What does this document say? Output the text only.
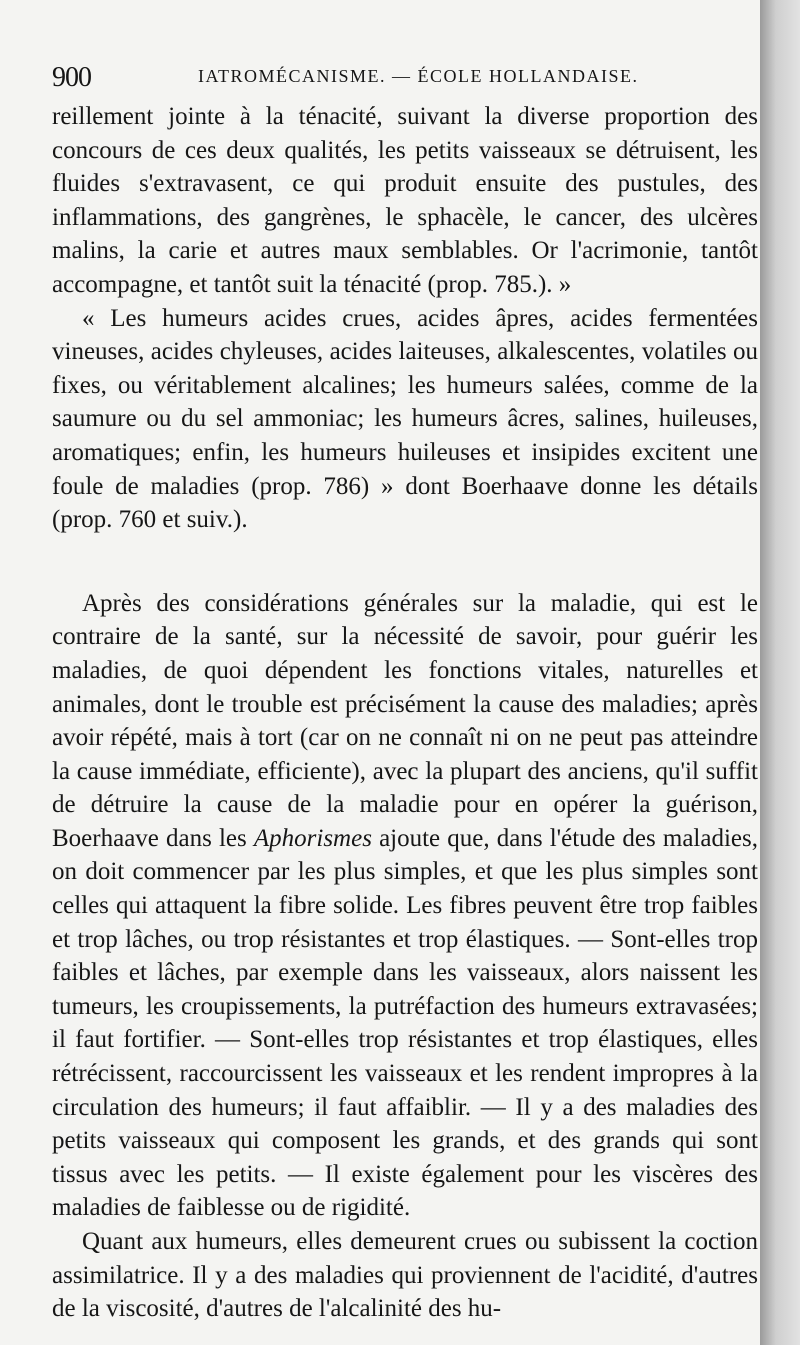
900	IATROMÉCANISME. — ÉCOLE HOLLANDAISE.

reillement jointe à la ténacité, suivant la diverse proportion des concours de ces deux qualités, les petits vaisseaux se détruisent, les fluides s'extravasent, ce qui produit ensuite des pustules, des inflammations, des gangrènes, le sphacèle, le cancer, des ulcères malins, la carie et autres maux semblables. Or l'acrimonie, tantôt accompagne, et tantôt suit la ténacité (prop. 785.). »

« Les humeurs acides crues, acides âpres, acides fermentées vineuses, acides chyleuses, acides laiteuses, alkalescentes, volatiles ou fixes, ou véritablement alcalines; les humeurs salées, comme de la saumure ou du sel ammoniac; les humeurs âcres, salines, huileuses, aromatiques; enfin, les humeurs huileuses et insipides excitent une foule de maladies (prop. 786) » dont Boerhaave donne les détails (prop. 760 et suiv.).

Après des considérations générales sur la maladie, qui est le contraire de la santé, sur la nécessité de savoir, pour guérir les maladies, de quoi dépendent les fonctions vitales, naturelles et animales, dont le trouble est précisément la cause des maladies; après avoir répété, mais à tort (car on ne connaît ni on ne peut pas atteindre la cause immédiate, efficiente), avec la plupart des anciens, qu'il suffit de détruire la cause de la maladie pour en opérer la guérison, Boerhaave dans les Aphorismes ajoute que, dans l'étude des maladies, on doit commencer par les plus simples, et que les plus simples sont celles qui attaquent la fibre solide. Les fibres peuvent être trop faibles et trop lâches, ou trop résistantes et trop élastiques. — Sont-elles trop faibles et lâches, par exemple dans les vaisseaux, alors naissent les tumeurs, les croupissements, la putréfaction des humeurs extravasées; il faut fortifier. — Sont-elles trop résistantes et trop élastiques, elles rétrécissent, raccourcissent les vaisseaux et les rendent impropres à la circulation des humeurs; il faut affaiblir. — Il y a des maladies des petits vaisseaux qui composent les grands, et des grands qui sont tissus avec les petits. — Il existe également pour les viscères des maladies de faiblesse ou de rigidité.

Quant aux humeurs, elles demeurent crues ou subissent la coction assimilatrice. Il y a des maladies qui proviennent de l'acidité, d'autres de la viscosité, d'autres de l'alcalinité des hu-
